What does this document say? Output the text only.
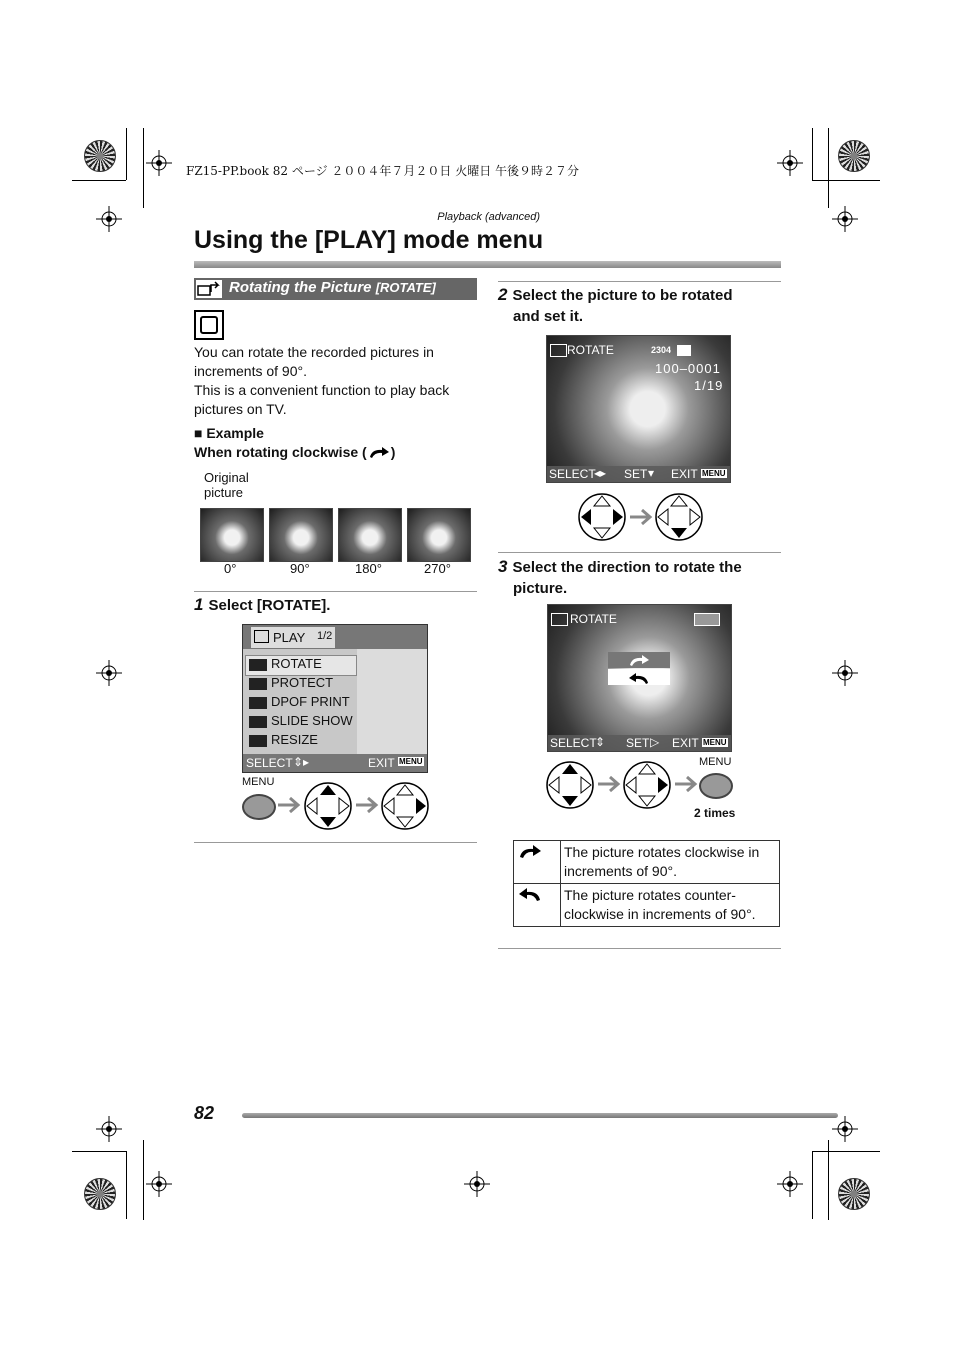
FZ15-PP.book 82 ページ ２００４年７月２０日 火曜日 午後９時２７分
Playback (advanced)
Using the [PLAY] mode menu
Rotating the Picture [ROTATE]
You can rotate the recorded pictures in
increments of 90°.
This is a convenient function to play back
pictures on TV.
■ Example
When rotating clockwise ( )
Original
picture
0°	90°	180°	270°
1 Select [ROTATE].
PLAY 1/2
ROTATE
PROTECT
DPOF PRINT
SLIDE SHOW
RESIZE
SELECT ⇕▸	EXIT MENU
MENU
2 Select the picture to be rotated
and set it.
ROTATE	2304
100–0001
1/19
SELECT
◂▸ SET ▾ EXIT MENU
3 Select the direction to rotate the
picture.
ROTATE
SELECT
⇕ SET ▷ EXIT MENU
MENU
2 times
	The picture rotates clockwise in increments of 90°.
	The picture rotates counter-clockwise in increments of 90°.
82
